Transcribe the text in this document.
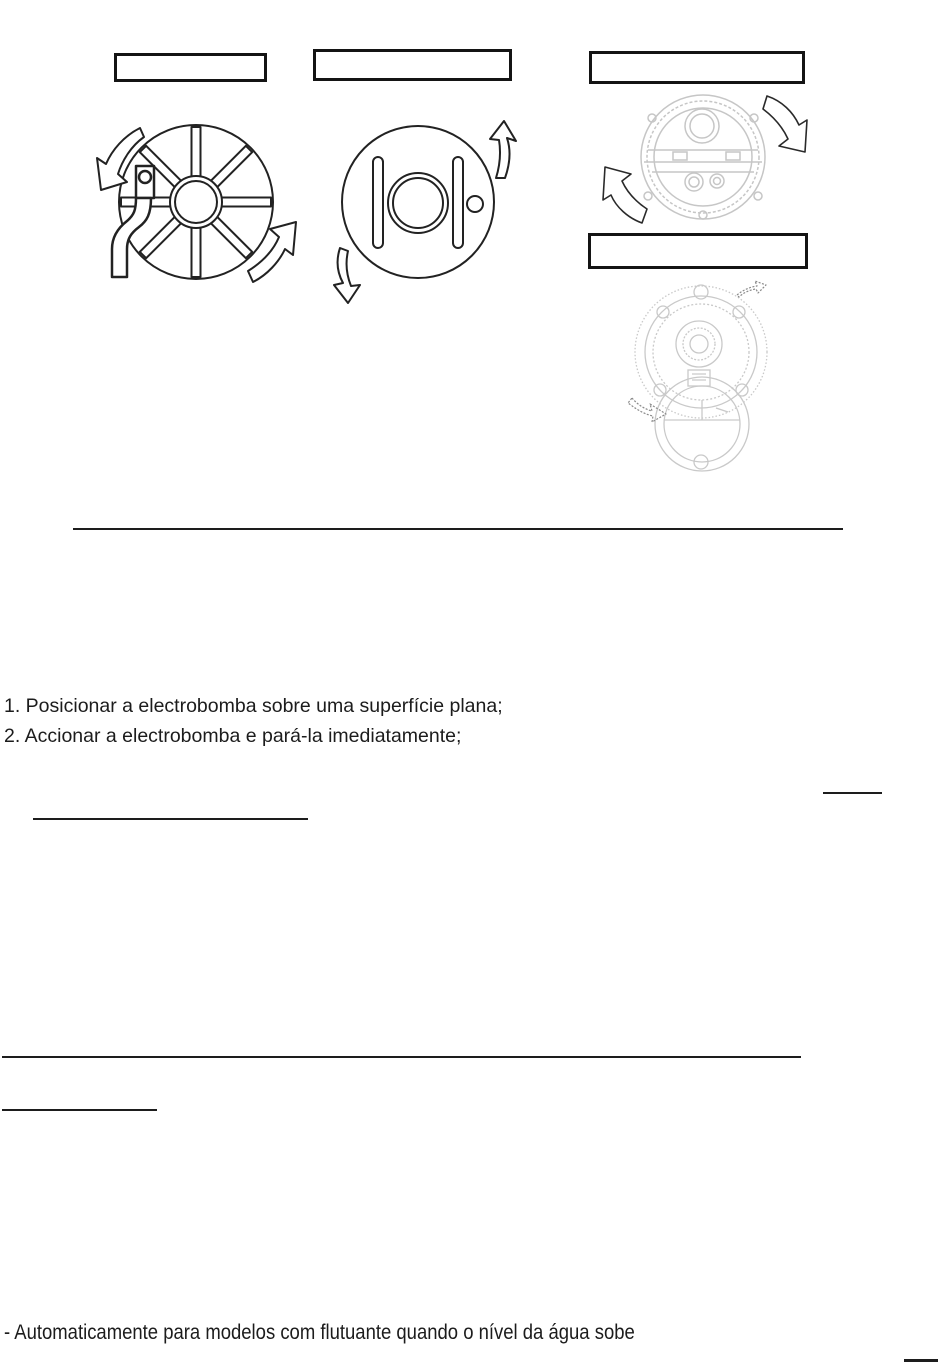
1. Posicionar a electrobomba sobre uma superfície plana;

2. Accionar a electrobomba e pará-la imediatamente;

- Automaticamente para modelos com flutuante quando o nível da água sobe
